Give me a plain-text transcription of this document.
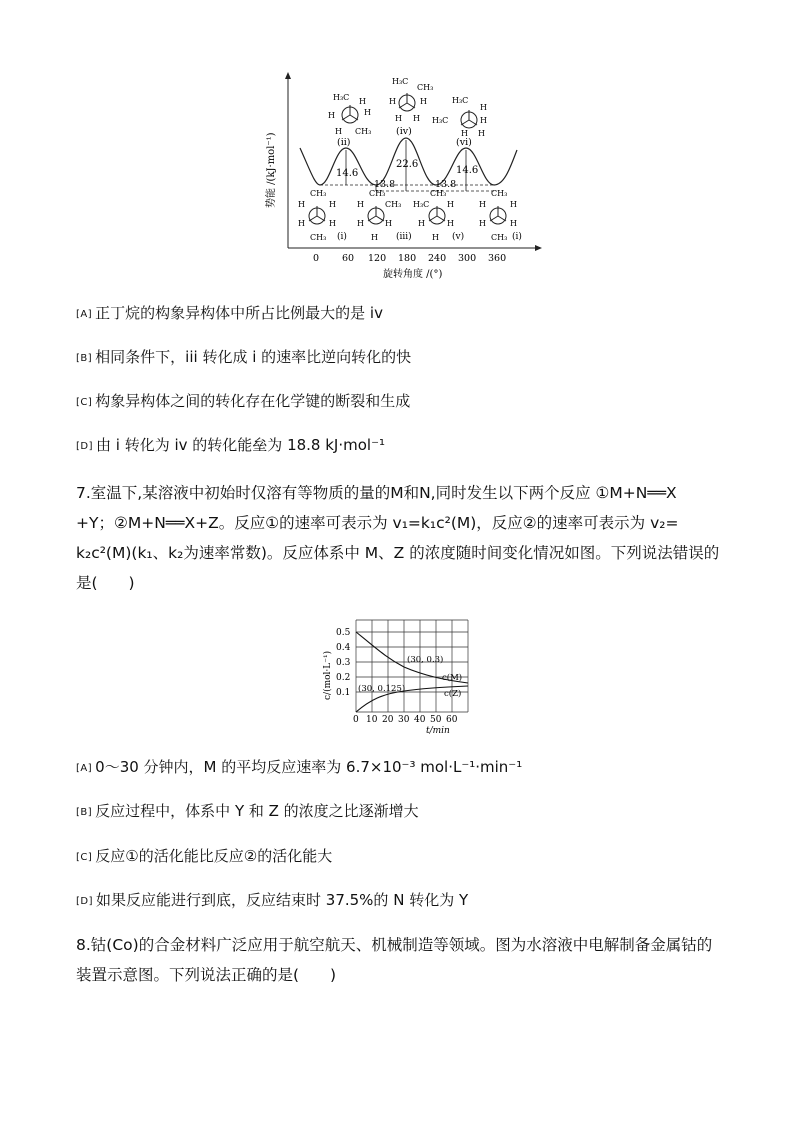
14.6
22.6
14.6
13.8	13.8
(ii)
(iv)
(vi)
H₃C H
H	H
H CH₃
H₃C
CH₃
H	H
H H
H₃C
H
H₃C	H
H H
CH₃
H	H
H	H
CH₃
CH₃
H	CH₃
H	H
H
CH₃
H₃C H
H	H
H
CH₃
H	H
H	H
CH₃
(i)	(iii)	(v)	(i)
0 60 120 180 240 300 360
旋转角度 /(°)
势能 /(kJ·mol⁻¹)
[A] 正丁烷的构象异构体中所占比例最大的是 iv
[B] 相同条件下，iii 转化成 i 的速率比逆向转化的快
[C] 构象异构体之间的转化存在化学键的断裂和生成
[D] 由 i 转化为 iv 的转化能垒为 18.8 kJ·mol⁻¹
7.室温下,某溶液中初始时仅溶有等物质的量的M和N,同时发生以下两个反应 ①M+N══X
+Y；②M+N══X+Z。反应①的速率可表示为 v₁=k₁c²(M)，反应②的速率可表示为 v₂=
k₂c²(M)(k₁、k₂为速率常数)。反应体系中 M、Z 的浓度随时间变化情况如图。下列说法错误的
是(　　)
(30, 0.3)
(30, 0.125)
c(M)
c(Z)
0.5
0.4
0.3
0.2
0.1
0 10 20 30 40 50 60
t/min
c/(mol·L⁻¹)
[A] 0～30 分钟内，M 的平均反应速率为 6.7×10⁻³ mol·L⁻¹·min⁻¹
[B] 反应过程中，体系中 Y 和 Z 的浓度之比逐渐增大
[C] 反应①的活化能比反应②的活化能大
[D] 如果反应能进行到底，反应结束时 37.5%的 N 转化为 Y
8.钴(Co)的合金材料广泛应用于航空航天、机械制造等领域。图为水溶液中电解制备金属钴的
装置示意图。下列说法正确的是(　　)
